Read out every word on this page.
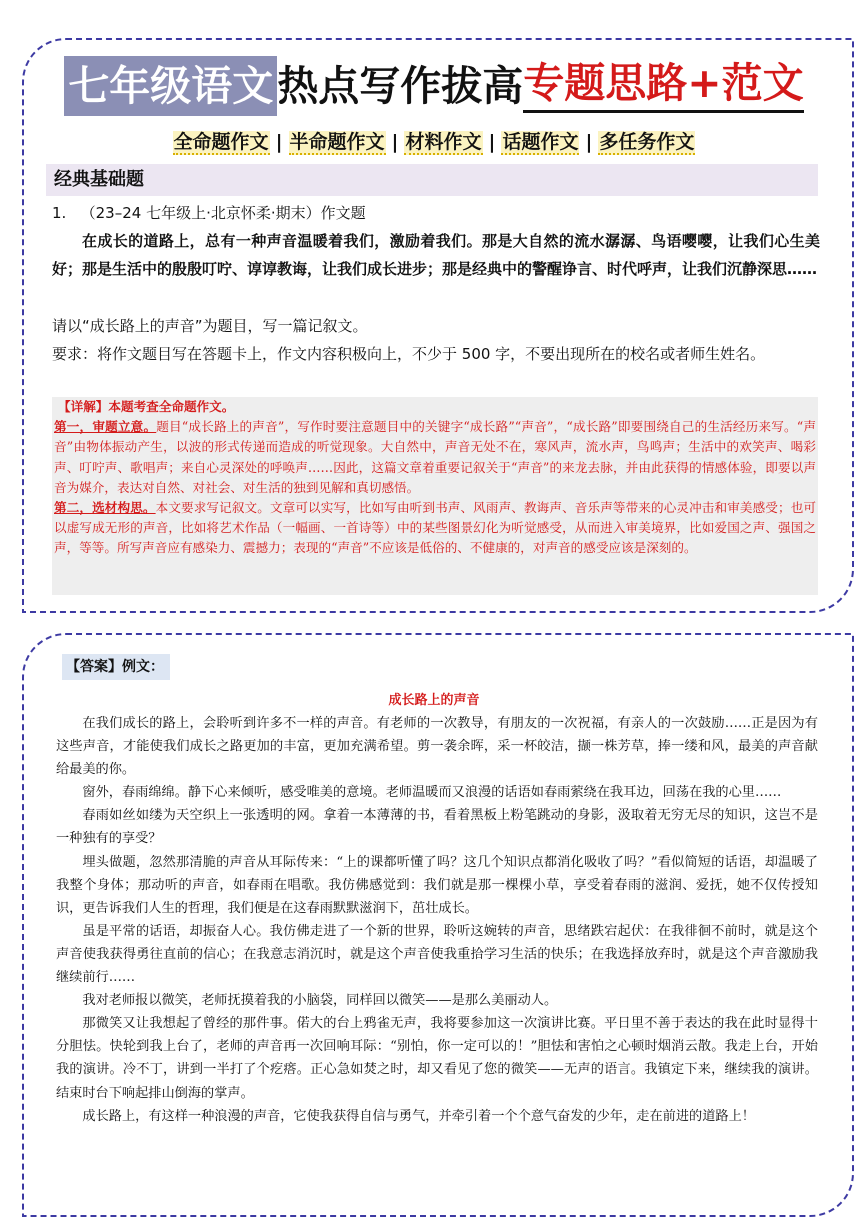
七年级语文热点写作拔高专题思路+范文
全命题作文 | 半命题作文 | 材料作文 | 话题作文 | 多任务作文
经典基础题
1. （23–24 七年级上·北京怀柔·期末）作文题
在成长的道路上，总有一种声音温暖着我们，激励着我们。那是大自然的流水潺潺、鸟语嘤嘤，让我们心生美好；那是生活中的殷殷叮咛、谆谆教诲，让我们成长进步；那是经典中的警醒诤言、时代呼声，让我们沉静深思……
请以“成长路上的声音”为题目，写一篇记叙文。
要求：将作文题目写在答题卡上，作文内容积极向上，不少于 500 字，不要出现所在的校名或者师生姓名。
【详解】本题考查全命题作文。
第一，审题立意。题目“成长路上的声音”，写作时要注意题目中的关键字“成长路”“声音”，“成长路”即要围绕自己的生活经历来写。“声音”由物体振动产生，以波的形式传递而造成的听觉现象。大自然中，声音无处不在，寒风声，流水声，鸟鸣声；生活中的欢笑声、喝彩声、叮咛声、歌唱声；来自心灵深处的呼唤声……因此，这篇文章着重要记叙关于“声音”的来龙去脉，并由此获得的情感体验，即要以声音为媒介，表达对自然、对社会、对生活的独到见解和真切感悟。
第二，选材构思。本文要求写记叙文。文章可以实写，比如写由听到书声、风雨声、教诲声、音乐声等带来的心灵冲击和审美感受；也可以虚写成无形的声音，比如将艺术作品（一幅画、一首诗等）中的某些图景幻化为听觉感受，从而进入审美境界，比如爱国之声、强国之声，等等。所写声音应有感染力、震撼力；表现的“声音”不应该是低俗的、不健康的，对声音的感受应该是深刻的。
【答案】例文：
成长路上的声音

在我们成长的路上，会聆听到许多不一样的声音。有老师的一次教导，有朋友的一次祝福，有亲人的一次鼓励……正是因为有这些声音，才能使我们成长之路更加的丰富，更加充满希望。剪一袭余晖，采一杯皎洁，撷一株芳草，捧一缕和风，最美的声音献给最美的你。

窗外，春雨绵绵。静下心来倾听，感受唯美的意境。老师温暖而又浪漫的话语如春雨萦绕在我耳边，回荡在我的心里……

春雨如丝如缕为天空织上一张透明的网。拿着一本薄薄的书，看着黑板上粉笔跳动的身影，汲取着无穷无尽的知识，这岂不是一种独有的享受？

埋头做题，忽然那清脆的声音从耳际传来：“上的课都听懂了吗？这几个知识点都消化吸收了吗？”看似简短的话语，却温暖了我整个身体；那动听的声音，如春雨在唱歌。我仿佛感觉到：我们就是那一棵棵小草，享受着春雨的滋润、爱抚，她不仅传授知识，更告诉我们人生的哲理，我们便是在这春雨默默滋润下，茁壮成长。

虽是平常的话语，却振奋人心。我仿佛走进了一个新的世界，聆听这婉转的声音，思绪跌宕起伏：在我徘徊不前时，就是这个声音使我获得勇往直前的信心；在我意志消沉时，就是这个声音使我重拾学习生活的快乐；在我选择放弃时，就是这个声音激励我继续前行……

我对老师报以微笑，老师抚摸着我的小脑袋，同样回以微笑——是那么美丽动人。

那微笑又让我想起了曾经的那件事。偌大的台上鸦雀无声，我将要参加这一次演讲比赛。平日里不善于表达的我在此时显得十分胆怯。快轮到我上台了，老师的声音再一次回响耳际：“别怕，你一定可以的！”胆怯和害怕之心顿时烟消云散。我走上台，开始我的演讲。冷不丁，讲到一半打了个疙瘩。正心急如焚之时，却又看见了您的微笑——无声的语言。我镇定下来，继续我的演讲。结束时台下响起排山倒海的掌声。

成长路上，有这样一种浪漫的声音，它使我获得自信与勇气，并牵引着一个个意气奋发的少年，走在前进的道路上！
